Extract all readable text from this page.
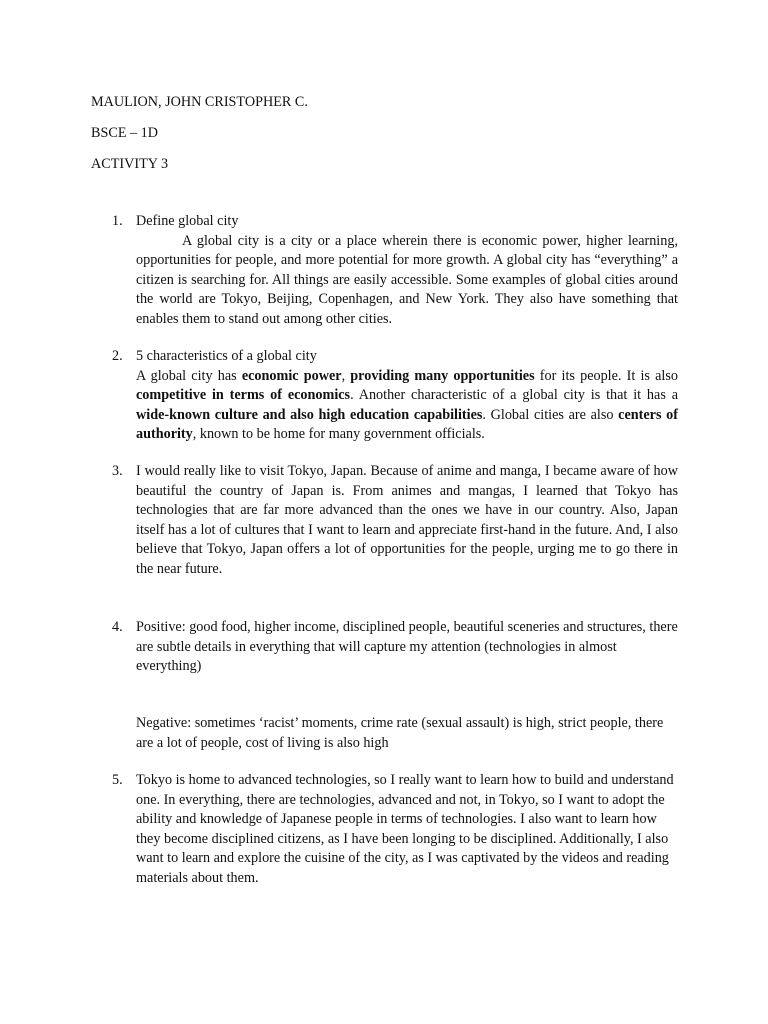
MAULION, JOHN CRISTOPHER C.

BSCE – 1D

ACTIVITY 3

1. Define global city

A global city is a city or a place wherein there is economic power, higher learning, opportunities for people, and more potential for more growth. A global city has “everything” a citizen is searching for. All things are easily accessible. Some examples of global cities around the world are Tokyo, Beijing, Copenhagen, and New York. They also have something that enables them to stand out among other cities.

2. 5 characteristics of a global city

A global city has economic power, providing many opportunities for its people. It is also competitive in terms of economics. Another characteristic of a global city is that it has a wide-known culture and also high education capabilities. Global cities are also centers of authority, known to be home for many government officials.

3. I would really like to visit Tokyo, Japan. Because of anime and manga, I became aware of how beautiful the country of Japan is. From animes and mangas, I learned that Tokyo has technologies that are far more advanced than the ones we have in our country. Also, Japan itself has a lot of cultures that I want to learn and appreciate first-hand in the future. And, I also believe that Tokyo, Japan offers a lot of opportunities for the people, urging me to go there in the near future.

4. Positive: good food, higher income, disciplined people, beautiful sceneries and structures, there are subtle details in everything that will capture my attention (technologies in almost everything)

Negative: sometimes ‘racist’ moments, crime rate (sexual assault) is high, strict people, there are a lot of people, cost of living is also high

5. Tokyo is home to advanced technologies, so I really want to learn how to build and understand one. In everything, there are technologies, advanced and not, in Tokyo, so I want to adopt the ability and knowledge of Japanese people in terms of technologies. I also want to learn how they become disciplined citizens, as I have been longing to be disciplined. Additionally, I also want to learn and explore the cuisine of the city, as I was captivated by the videos and reading materials about them.
